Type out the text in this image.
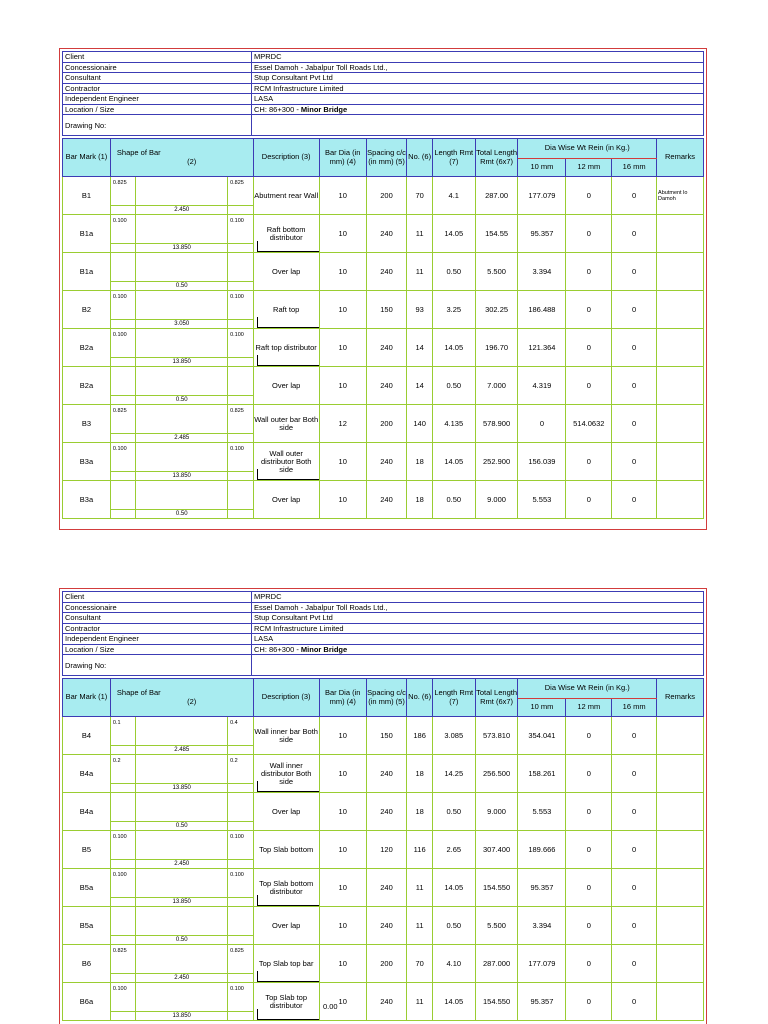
Client	MPRDC
Concessionaire	Essel Damoh - Jabalpur Toll Roads Ltd.,
Consultant	Stup Consultant Pvt Ltd
Contractor	RCM Infrastructure Limited
Independent Engineer	LASA
Location / Size	CH: 86+300 - Minor Bridge
Drawing No:	
Bar Mark (1)	Shape of Bar
(2)			Description (3)	Bar Dia (in mm) (4)	Spacing c/c (in mm) (5)	No. (6)	Length Rmt (7)	Total Length Rmt (6x7)	Dia Wise Wt Rein (in Kg.)			Remarks
										10 mm	12 mm	16 mm	
B1	0.825		0.825	Abutment rear Wall	10	200	70	4.1	287.00	177.079	0	0	Abutment lo Damoh
		2.450											
B1a	0.100		0.100	Raft bottom distributor	10	240	11	14.05	154.55	95.357	0	0	
		13.850											
B1a				Over lap	10	240	11	0.50	5.500	3.394	0	0	
		0.50											
B2	0.100		0.100	Raft top	10	150	93	3.25	302.25	186.488	0	0	
		3.050											
B2a	0.100		0.100	Raft top distributor	10	240	14	14.05	196.70	121.364	0	0	
		13.850											
B2a				Over lap	10	240	14	0.50	7.000	4.319	0	0	
		0.50											
B3	0.825		0.825	Wall outer bar Both side	12	200	140	4.135	578.900	0	514.0632	0	
		2.485											
B3a	0.100		0.100	Wall outer distributor Both side	10	240	18	14.05	252.900	156.039	0	0	
		13.850											
B3a				Over lap	10	240	18	0.50	9.000	5.553	0	0	
		0.50											
Client	MPRDC
Concessionaire	Essel Damoh - Jabalpur Toll Roads Ltd.,
Consultant	Stup Consultant Pvt Ltd
Contractor	RCM Infrastructure Limited
Independent Engineer	LASA
Location / Size	CH: 86+300 - Minor Bridge
Drawing No:	
Bar Mark (1)	Shape of Bar
(2)			Description (3)	Bar Dia (in mm) (4)	Spacing c/c (in mm) (5)	No. (6)	Length Rmt (7)	Total Length Rmt (6x7)	Dia Wise Wt Rein (in Kg.)			Remarks
										10 mm	12 mm	16 mm	
B4	0.1		0.4	Wall inner bar Both side	10	150	186	3.085	573.810	354.041	0	0	
		2.485											
B4a	0.2		0.2	Wall inner distributor Both side	10	240	18	14.25	256.500	158.261	0	0	
		13.850											
B4a				Over lap	10	240	18	0.50	9.000	5.553	0	0	
		0.50											
B5	0.100		0.100	Top Slab bottom	10	120	116	2.65	307.400	189.666	0	0	
		2.450											
B5a	0.100		0.100	Top Slab bottom distributor	10	240	11	14.05	154.550	95.357	0	0	
		13.850											
B5a				Over lap	10	240	11	0.50	5.500	3.394	0	0	
		0.50											
B6	0.825		0.825	Top Slab top bar	10	200	70	4.10	287.000	177.079	0	0	
		2.450											
B6a	0.100		0.100	Top Slab top distributor	10	240	11	14.05	154.550	95.357	0	0	
		13.850											
0.00
